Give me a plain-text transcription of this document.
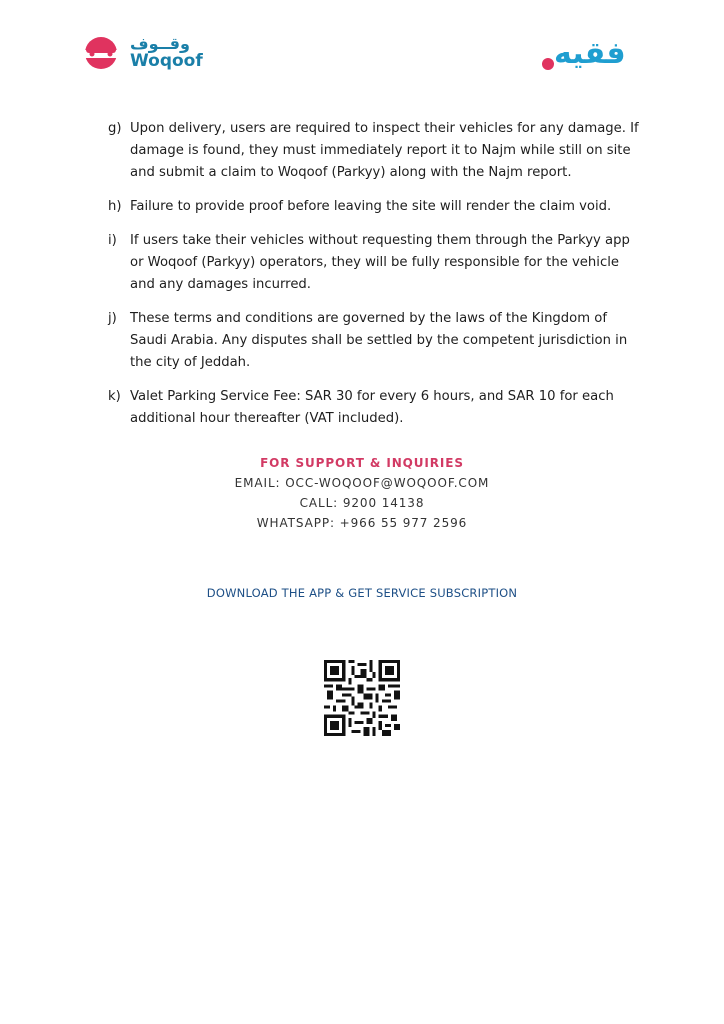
وقــوف
Woqoof	فقيه
g) Upon delivery, users are required to inspect their vehicles for any damage. If damage is found, they must immediately report it to Najm while still on site and submit a claim to Woqoof (Parkyy) along with the Najm report.
h) Failure to provide proof before leaving the site will render the claim void.
i) If users take their vehicles without requesting them through the Parkyy app or Woqoof (Parkyy) operators, they will be fully responsible for the vehicle and any damages incurred.
j) These terms and conditions are governed by the laws of the Kingdom of Saudi Arabia. Any disputes shall be settled by the competent jurisdiction in the city of Jeddah.
k) Valet Parking Service Fee: SAR 30 for every 6 hours, and SAR 10 for each additional hour thereafter (VAT included).
FOR SUPPORT & INQUIRIES
EMAIL: OCC-WOQOOF@WOQOOF.COM
CALL: 9200 14138
WHATSAPP: +966 55 977 2596
DOWNLOAD THE APP & GET SERVICE SUBSCRIPTION
